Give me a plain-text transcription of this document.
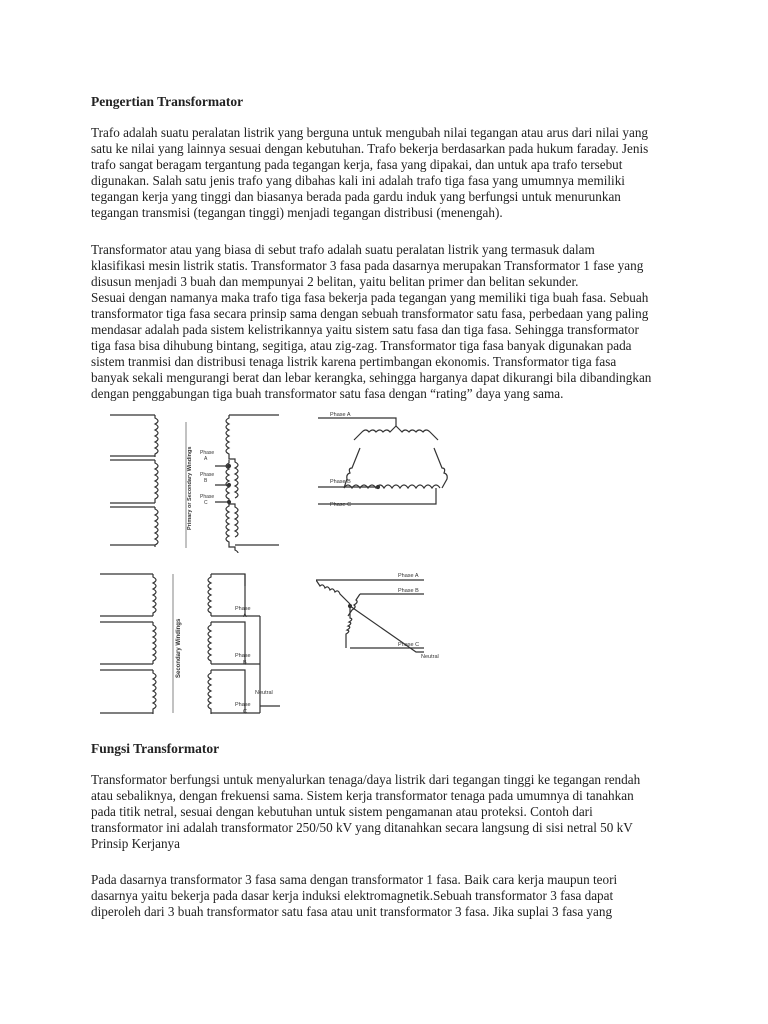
Pengertian Transformator
Trafo adalah suatu peralatan listrik yang berguna untuk mengubah nilai tegangan atau arus dari nilai yang
satu ke nilai yang lainnya sesuai dengan kebutuhan. Trafo bekerja berdasarkan pada hukum faraday. Jenis
trafo sangat beragam tergantung pada tegangan kerja, fasa yang dipakai, dan untuk apa trafo tersebut
digunakan. Salah satu jenis trafo yang dibahas kali ini adalah trafo tiga fasa yang umumnya memiliki
tegangan kerja yang tinggi dan biasanya berada pada gardu induk yang berfungsi untuk menurunkan
tegangan transmisi (tegangan tinggi) menjadi tegangan distribusi (menengah).
Transformator atau yang biasa di sebut trafo adalah suatu peralatan listrik yang termasuk dalam
klasifikasi mesin listrik statis. Transformator 3 fasa pada dasarnya merupakan Transformator 1 fase yang
disusun menjadi 3 buah dan mempunyai 2 belitan, yaitu belitan primer dan belitan sekunder.
Sesuai dengan namanya maka trafo tiga fasa bekerja pada tegangan yang memiliki tiga buah fasa. Sebuah
transformator tiga fasa secara prinsip sama dengan sebuah transformator satu fasa, perbedaan yang paling
mendasar adalah pada sistem kelistrikannya yaitu sistem satu fasa dan tiga fasa. Sehingga transformator
tiga fasa bisa dihubung bintang, segitiga, atau zig-zag. Transformator tiga fasa banyak digunakan pada
sistem tranmisi dan distribusi tenaga listrik karena pertimbangan ekonomis. Transformator tiga fasa
banyak sekali mengurangi berat dan lebar kerangka, sehingga harganya dapat dikurangi bila dibandingkan
dengan penggabungan tiga buah transformator satu fasa dengan “rating” daya yang sama.
Primary or Secondary Windings Phase
A
Phase
B
Phase
C
Phase A
Phase B
Phase C
Secondary Windings
Phase
A
Phase
B
Phase
C
Neutral
Phase A
Phase B
Phase C
Neutral
Fungsi Transformator
Transformator berfungsi untuk menyalurkan tenaga/daya listrik dari tegangan tinggi ke tegangan rendah
atau sebaliknya, dengan frekuensi sama. Sistem kerja transformator tenaga pada umumnya di tanahkan
pada titik netral, sesuai dengan kebutuhan untuk sistem pengamanan atau proteksi. Contoh dari
transformator ini adalah transformator 250/50 kV yang ditanahkan secara langsung di sisi netral 50 kV
Prinsip Kerjanya
Pada dasarnya transformator 3 fasa sama dengan transformator 1 fasa. Baik cara kerja maupun teori
dasarnya yaitu bekerja pada dasar kerja induksi elektromagnetik.Sebuah transformator 3 fasa dapat
diperoleh dari 3 buah transformator satu fasa atau unit transformator 3 fasa. Jika suplai 3 fasa yang
